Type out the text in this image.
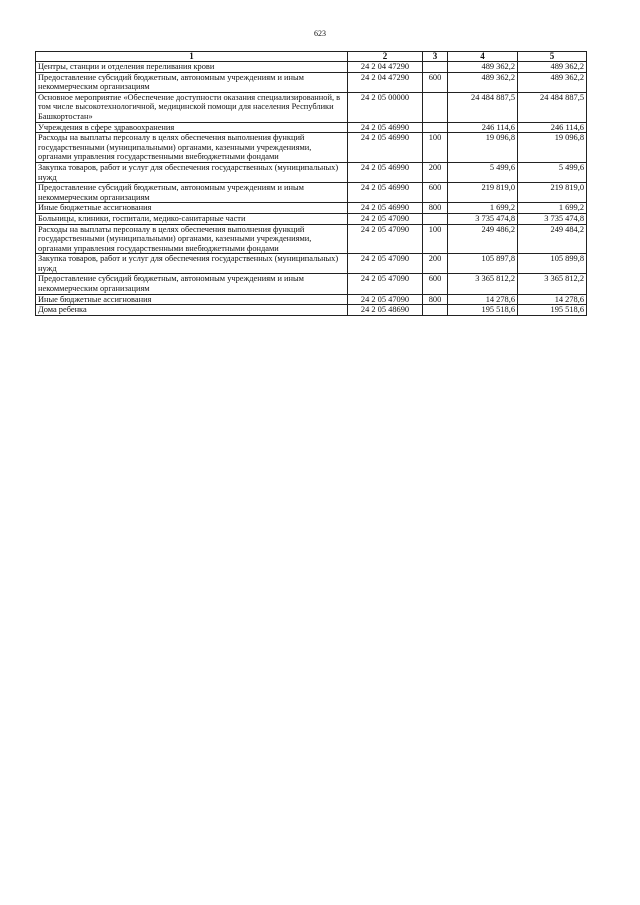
623
1	2	3	4	5
Центры, станции и отделения переливания крови	24 2 04 47290		489 362,2	489 362,2
Предоставление субсидий бюджетным, автономным учреждениям и иным некоммерческим организациям	24 2 04 47290	600	489 362,2	489 362,2
Основное мероприятие «Обеспечение доступности оказания специализированной, в том числе высокотехнологичной, медицинской помощи для населения Республики Башкортостан»	24 2 05 00000		24 484 887,5	24 484 887,5
Учреждения в сфере здравоохранения	24 2 05 46990		246 114,6	246 114,6
Расходы на выплаты персоналу в целях обеспечения выполнения функций государственными (муниципальными) органами, казенными учреждениями, органами управления государственными внебюджетными фондами	24 2 05 46990	100	19 096,8	19 096,8
Закупка товаров, работ и услуг для обеспечения государственных (муниципальных) нужд	24 2 05 46990	200	5 499,6	5 499,6
Предоставление субсидий бюджетным, автономным учреждениям и иным некоммерческим организациям	24 2 05 46990	600	219 819,0	219 819,0
Иные бюджетные ассигнования	24 2 05 46990	800	1 699,2	1 699,2
Больницы, клиники, госпитали, медико-санитарные части	24 2 05 47090		3 735 474,8	3 735 474,8
Расходы на выплаты персоналу в целях обеспечения выполнения функций государственными (муниципальными) органами, казенными учреждениями, органами управления государственными внебюджетными фондами	24 2 05 47090	100	249 486,2	249 484,2
Закупка товаров, работ и услуг для обеспечения государственных (муниципальных) нужд	24 2 05 47090	200	105 897,8	105 899,8
Предоставление субсидий бюджетным, автономным учреждениям и иным некоммерческим организациям	24 2 05 47090	600	3 365 812,2	3 365 812,2
Иные бюджетные ассигнования	24 2 05 47090	800	14 278,6	14 278,6
Дома ребенка	24 2 05 48690		195 518,6	195 518,6
